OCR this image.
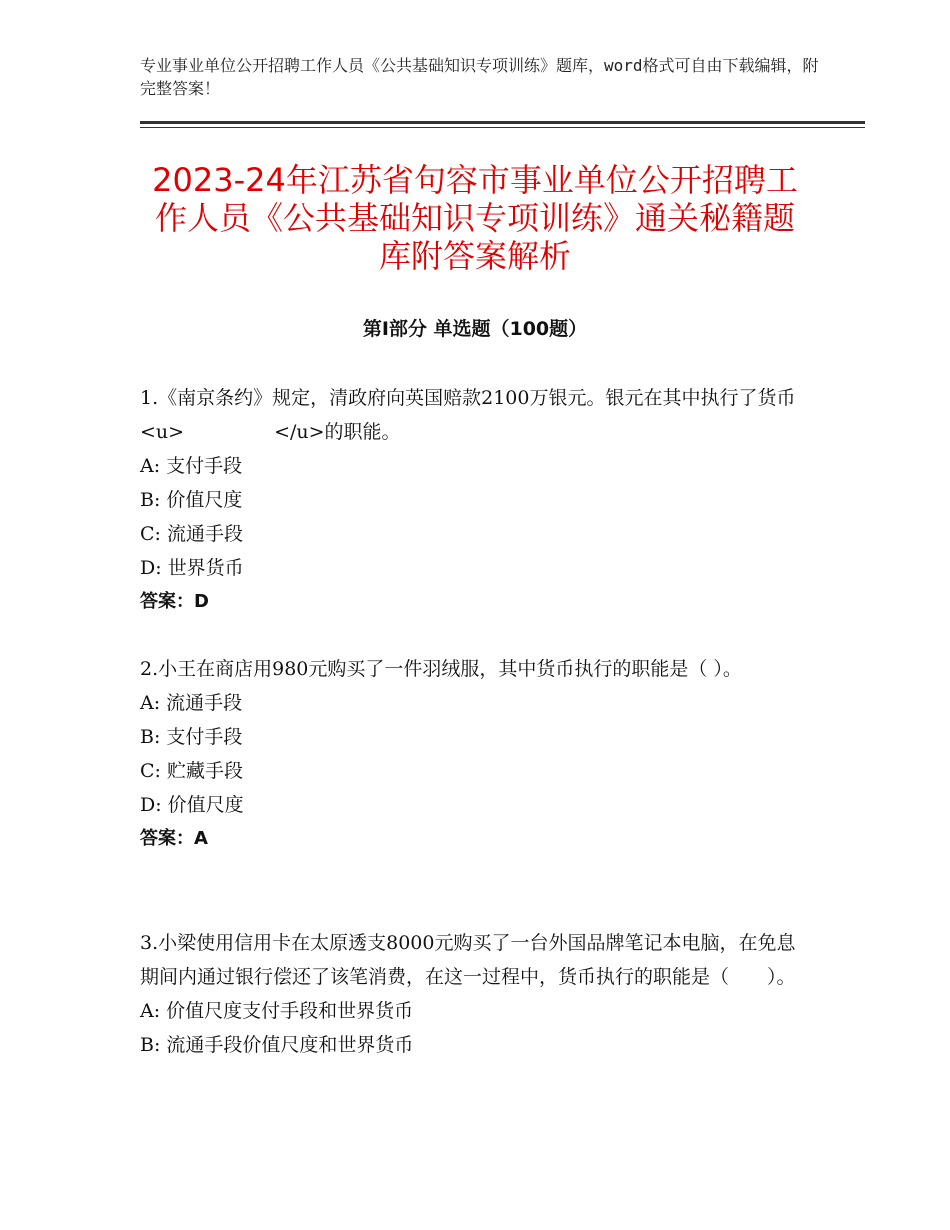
专业事业单位公开招聘工作人员《公共基础知识专项训练》题库，word格式可自由下载编辑，附完整答案！
2023-24年江苏省句容市事业单位公开招聘工作人员《公共基础知识专项训练》通关秘籍题库附答案解析
第Ⅰ部分 单选题（100题）

1.《南京条约》规定，清政府向英国赔款2100万银元。银元在其中执行了货币<u>	</u>的职能。

A: 支付手段

B: 价值尺度

C: 流通手段

D: 世界货币

答案：D

2.小王在商店用980元购买了一件羽绒服，其中货币执行的职能是（ ）。

A: 流通手段

B: 支付手段

C: 贮藏手段

D: 价值尺度

答案：A

3.小梁使用信用卡在太原透支8000元购买了一台外国品牌笔记本电脑，在免息期间内通过银行偿还了该笔消费，在这一过程中，货币执行的职能是（　　）。

A: 价值尺度支付手段和世界货币

B: 流通手段价值尺度和世界货币
